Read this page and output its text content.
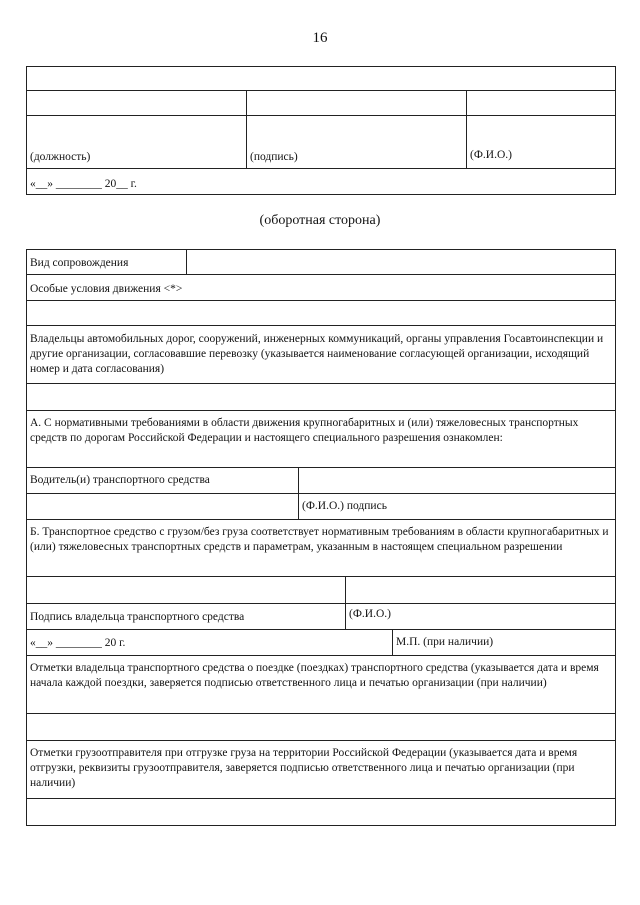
16
(должность)	(подпись)	(Ф.И.О.)
«__» ________ 20__ г.
(оборотная сторона)
Вид сопровождения
Особые условия движения <*>
Владельцы автомобильных дорог, сооружений, инженерных коммуникаций, органы управления Госавтоинспекции и другие организации, согласовавшие перевозку (указывается наименование согласующей организации, исходящий номер и дата согласования)
А. С нормативными требованиями в области движения крупногабаритных и (или) тяжеловесных транспортных средств по дорогам Российской Федерации и настоящего специального разрешения ознакомлен:
Водитель(и) транспортного средства
(Ф.И.О.) подпись
Б. Транспортное средство с грузом/без груза соответствует нормативным требованиям в области крупногабаритных и (или) тяжеловесных транспортных средств и параметрам, указанным в настоящем специальном разрешении
Подпись владельца транспортного средства	(Ф.И.О.)
«__» ________ 20 г.	М.П. (при наличии)
Отметки владельца транспортного средства о поездке (поездках) транспортного средства (указывается дата и время начала каждой поездки, заверяется подписью ответственного лица и печатью организации (при наличии)
Отметки грузоотправителя при отгрузке груза на территории Российской Федерации (указывается дата и время отгрузки, реквизиты грузоотправителя, заверяется подписью ответственного лица и печатью организации (при наличии)
